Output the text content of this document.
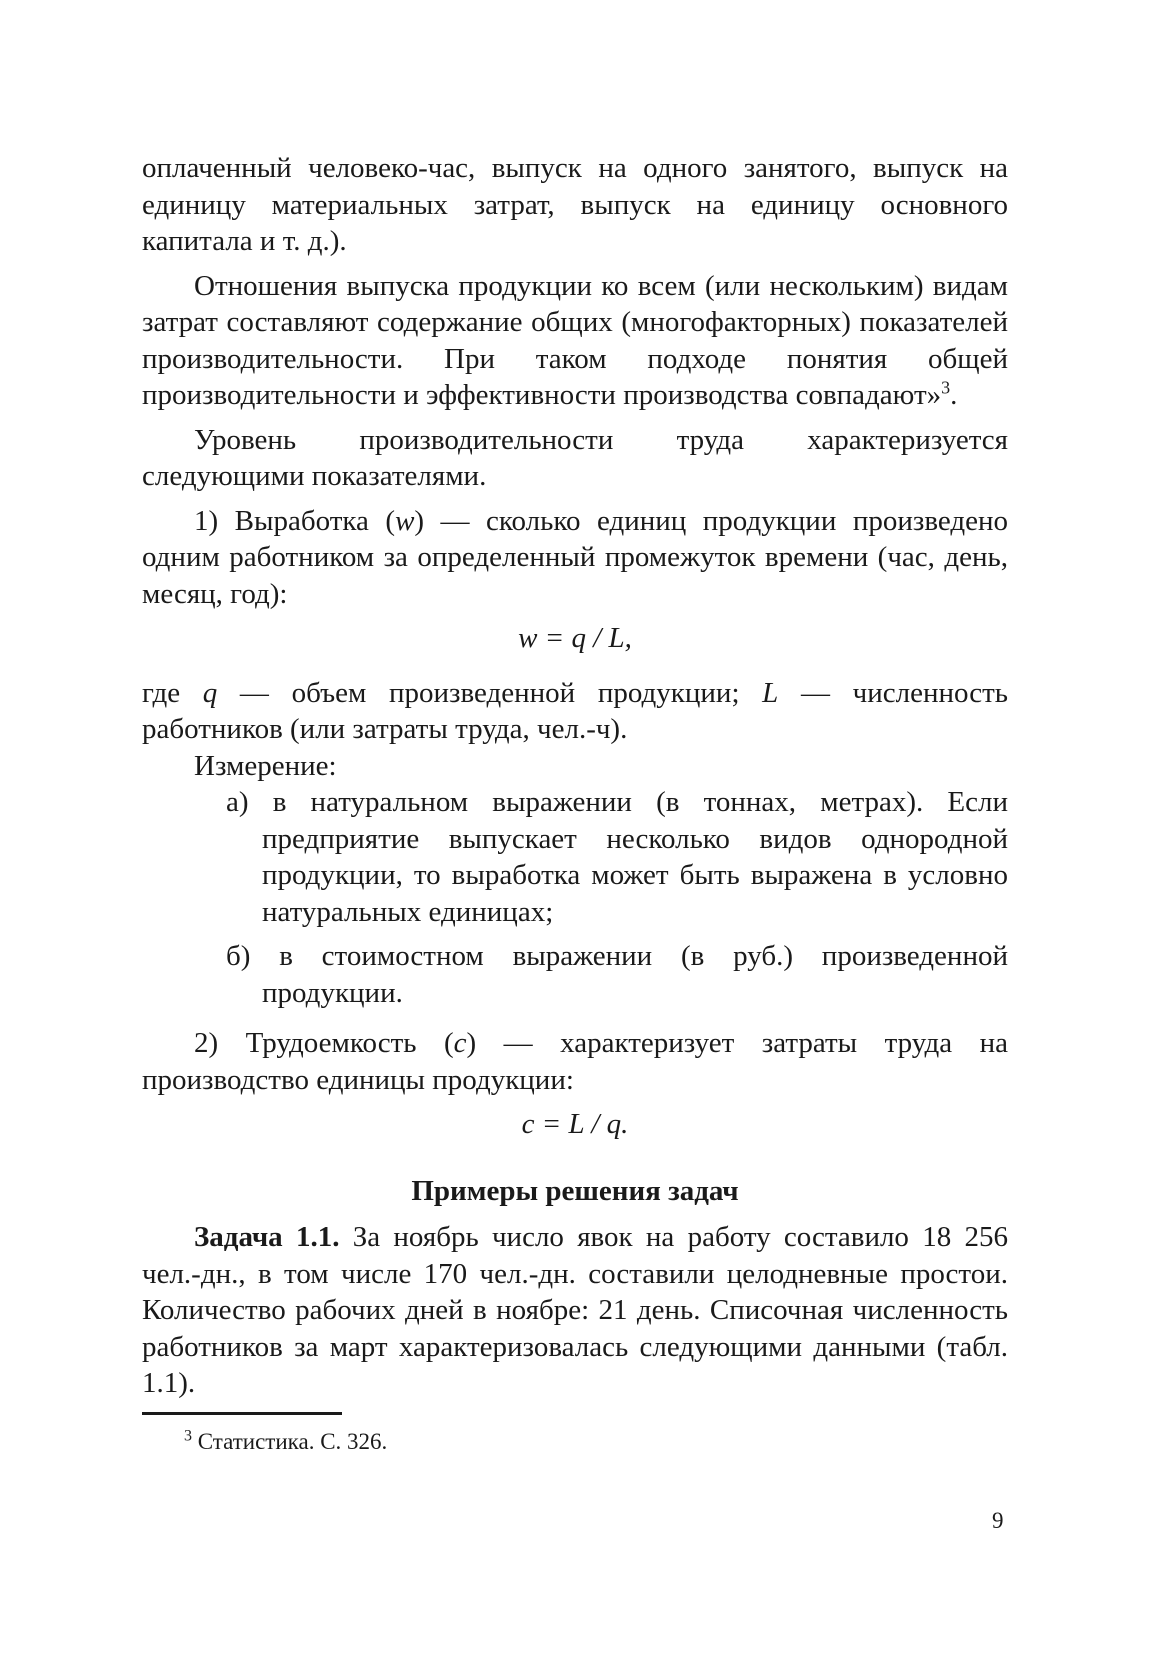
оплаченный человеко-час, выпуск на одного занятого, выпуск на единицу материальных затрат, выпуск на единицу основного капитала и т. д.).

Отношения выпуска продукции ко всем (или нескольким) видам затрат составляют содержание общих (многофакторных) показателей производительности. При таком подходе понятия общей производительности и эффективности производства совпадают»$^3$.

Уровень производительности труда характеризуется следующими показателями.

1) Выработка (w) — сколько единиц продукции произведено одним работником за определенный промежуток времени (час, день, месяц, год):

w = q / L,

где q — объем произведенной продукции; L — численность работников (или затраты труда, чел.-ч).

Измерение:

а) в натуральном выражении (в тоннах, метрах). Если предприятие выпускает несколько видов однородной продукции, то выработка может быть выражена в условно натуральных единицах;

б) в стоимостном выражении (в руб.) произведенной продукции.

2) Трудоемкость (c) — характеризует затраты труда на производство единицы продукции:

c = L / q.
Примеры решения задач

Задача 1.1. За ноябрь число явок на работу составило 18 256 чел.-дн., в том числе 170 чел.-дн. составили целодневные простои. Количество рабочих дней в ноябре: 21 день. Списочная численность работников за март характеризовалась следующими данными (табл. 1.1).

$^3$ Статистика. С. 326.
9
